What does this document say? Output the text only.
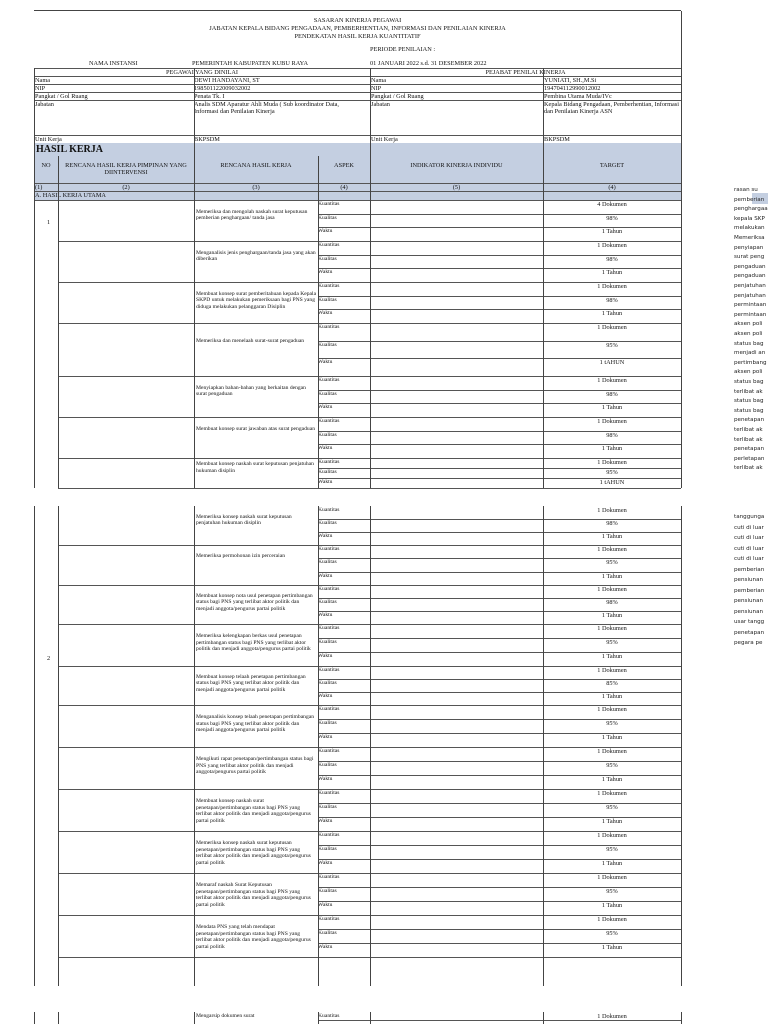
SASARAN KINERJA PEGAWAI
JABATAN KEPALA BIDANG PENGADAAN, PEMBERHENTIAN, INFORMASI DAN PENILAIAN KINERJA
PENDEKATAN HASIL KERJA KUANTITATIF
PERIODE PENILAIAN :
NAMA INSTANSI	PEMERINTAH KABUPATEN KUBU RAYA	01 JANUARI 2022 s.d. 31 DESEMBER 2022
PEGAWAI YANG DINILAI	PEJABAT PENILAI KINERJA
Nama	DEWI HANDAYANI, ST	Nama	YUNIATI, SH.,M.Si
NIP	198501122009032002	NIP	194704112990012002
Pangkat / Gol Ruang	Penata Tk. I	Pangkat / Gol Ruang	Pembina Utama Muda/IVc
Jabatan	Analis SDM Aparatur Ahli Muda ( Sub koordinator Data, Informasi dan Penilaian Kinerja
Jabatan	Kepala Bidang Pengadaan, Pemberhentian, Informasi dan Penilaian Kinerja ASN
Unit Kerja	BKPSDM	Unit Kerja	BKPSDM
HASIL KERJA
NO	RENCANA HASIL KERJA PIMPINAN YANG DIINTERVENSI
RENCANA HASIL KERJA	ASPEK	INDIKATOR KINERJA INDIVIDU	TARGET
(1)	(2)	(3)	(4)	(5)	(4)
A. HASIL KERJA UTAMA
1
Memeriksa dan mengolah naskah surat keputusan pemberian penghargaan/ tanda jasa
Kuantitas	4 Dokumen
Kualitas	98%
Waktu	1 Tahun
Menganalisis jenis penghargaan/tanda jasa yang akan diberikan
Kuantitas	1 Dokumen
Kualitas	98%
Waktu	1 Tahun
Membuat konsep surat pemberitahuan kepada Kepala SKPD untuk melakukan pemeriksaan bagi PNS yang diduga melakukan pelanggaran Disiplin
Kuantitas	1 Dokumen
Kualitas	98%
Waktu	1 Tahun
Memeriksa dan menelaah surat-surat pengaduan
Kuantitas	1 Dokumen
Kualitas	95%
Waktu	1 tAHUN
Menyiapkan bahan-bahan yang berkaitan dengan surat pengaduan
Kuantitas	1 Dokumen
Kualitas	98%
Waktu	1 Tahun
Membuat konsep surat jawaban atas surat pengaduan
Kuantitas	1 Dokumen
Kualitas	98%
Waktu	1 Tahun
Membuat konsep naskah surat keputusan penjatuhan hukuman disiplin
Kuantitas	1 Dokumen
Kualitas	95%
Waktu	1 tAHUN
2
Memeriksa konsep naskah surat keputusan penjatuhan hukuman disiplin
Kuantitas	1 Dokumen
Kualitas	98%
Waktu	1 Tahun
Memeriksa permohonan izin perceraian
Kuantitas	1 Dokumen
Kualitas	95%
Waktu	1 Tahun
Membuat konsep nota usul penetapan pertimbangan status bagi PNS yang terlibat aktor politik dan menjadi anggota/pengurus partai politik
Kuantitas	1 Dokumen
Kualitas	98%
Waktu	1 Tahun
Memeriksa kelengkapan berkas usul penetapan pertimbangan status bagi PNS yang terlibat aktor politik dan menjadi anggota/pengurus partai politik
Kuantitas	1 Dokumen
Kualitas	95%
Waktu	1 Tahun
Membuat konsep telaah penetapan pertimbangan status bagi PNS yang terlibat aktor politik dan menjadi anggota/pengurus partai politik
Kuantitas	1 Dokumen
Kualitas	85%
Waktu	1 Tahun
Menganalisis konsep telaah penetapan pertimbangan status bagi PNS yang terlibat aktor politik dan menjadi anggota/pengurus partai politik
Kuantitas	1 Dokumen
Kualitas	95%
Waktu	1 Tahun
Mengikuti rapat penetapan/pertimbangan status bagi PNS yang terlibat aktor politik dan menjadi anggota/pengurus partai politik
Kuantitas	1 Dokumen
Kualitas	95%
Waktu	1 Tahun
Membuat konsep naskah surat penetapan/pertimbangan status bagi PNS yang terlibat aktor politik dan menjadi anggota/pengurus partai politik
Kuantitas	1 Dokumen
Kualitas	95%
Waktu	1 Tahun
Memeriksa konsep naskah surat keputusan penetapan/pertimbangan status bagi PNS yang terlibat aktor politik dan menjadi anggota/pengurus partai politik
Kuantitas	1 Dokumen
Kualitas	95%
Waktu	1 Tahun
Memaraf naskah Surat Keputusan penetapan/pertimbangan status bagi PNS yang terlibat aktor politik dan menjadi anggota/pengurus partai politik
Kuantitas	1 Dokumen
Kualitas	95%
Waktu	1 Tahun
Mendata PNS yang telah mendapat penetapan/pertimbangan status bagi PNS yang terlibat aktor politik dan menjadi anggota/pengurus partai politik
Kuantitas	1 Dokumen
Kualitas	95%
Waktu	1 Tahun
Mengarsip dokumen surat	Kuantitas	1 Dokumen
rasan su
pemberian
penghargaa
kepala SKP
melakukan
Memeriksa
penyiapan
surat peng
pengaduan
pengaduan
penjatuhan
penjatuhan
permintaan
permintaan
aksen poli
aksen poli
status bag
menjadi an
pertimbang
aksen poli
status bag
terlibat ak
status bag
status bag
penetapan
terlibat ak
terlibat ak
penetapan
perletapan
terlibat ak
tanggunga
cuti di luar
cuti di luar
cuti di luar
cuti di luar
pemberian
pensiunan
pemberian
pensiunan
pensiunan
usar tangg
penetapan
pegara pe
